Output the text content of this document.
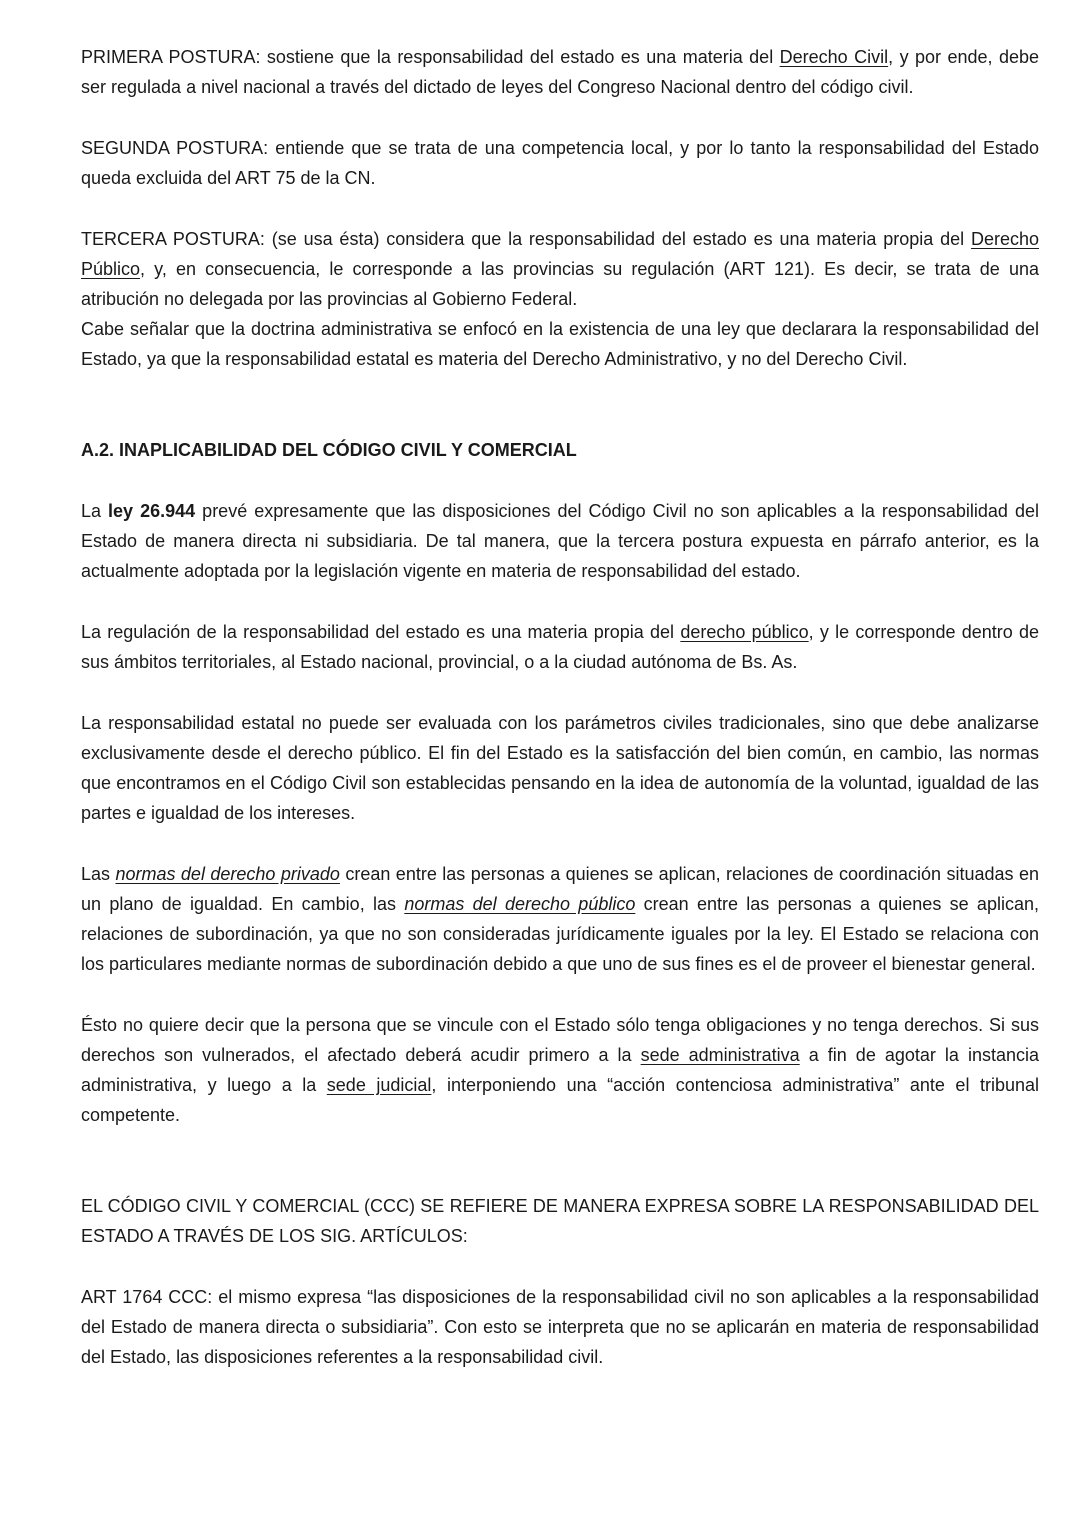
PRIMERA POSTURA: sostiene que la responsabilidad del estado es una materia del Derecho Civil, y por ende, debe ser regulada a nivel nacional a través del dictado de leyes del Congreso Nacional dentro del código civil.

SEGUNDA POSTURA: entiende que se trata de una competencia local, y por lo tanto la responsabilidad del Estado queda excluida del ART 75 de la CN.

TERCERA POSTURA: (se usa ésta) considera que la responsabilidad del estado es una materia propia del Derecho Público, y, en consecuencia, le corresponde a las provincias su regulación (ART 121). Es decir, se trata de una atribución no delegada por las provincias al Gobierno Federal.

Cabe señalar que la doctrina administrativa se enfocó en la existencia de una ley que declarara la responsabilidad del Estado, ya que la responsabilidad estatal es materia del Derecho Administrativo, y no del Derecho Civil.

A.2. INAPLICABILIDAD DEL CÓDIGO CIVIL Y COMERCIAL

La ley 26.944 prevé expresamente que las disposiciones del Código Civil no son aplicables a la responsabilidad del Estado de manera directa ni subsidiaria. De tal manera, que la tercera postura expuesta en párrafo anterior, es la actualmente adoptada por la legislación vigente en materia de responsabilidad del estado.

La regulación de la responsabilidad del estado es una materia propia del derecho público, y le corresponde dentro de sus ámbitos territoriales, al Estado nacional, provincial, o a la ciudad autónoma de Bs. As.

La responsabilidad estatal no puede ser evaluada con los parámetros civiles tradicionales, sino que debe analizarse exclusivamente desde el derecho público. El fin del Estado es la satisfacción del bien común, en cambio, las normas que encontramos en el Código Civil son establecidas pensando en la idea de autonomía de la voluntad, igualdad de las partes e igualdad de los intereses.

Las normas del derecho privado crean entre las personas a quienes se aplican, relaciones de coordinación situadas en un plano de igualdad. En cambio, las normas del derecho público crean entre las personas a quienes se aplican, relaciones de subordinación, ya que no son consideradas jurídicamente iguales por la ley. El Estado se relaciona con los particulares mediante normas de subordinación debido a que uno de sus fines es el de proveer el bienestar general.

Ésto no quiere decir que la persona que se vincule con el Estado sólo tenga obligaciones y no tenga derechos. Si sus derechos son vulnerados, el afectado deberá acudir primero a la sede administrativa a fin de agotar la instancia administrativa, y luego a la sede judicial, interponiendo una “acción contenciosa administrativa” ante el tribunal competente.

EL CÓDIGO CIVIL Y COMERCIAL (CCC) SE REFIERE DE MANERA EXPRESA SOBRE LA RESPONSABILIDAD DEL ESTADO A TRAVÉS DE LOS SIG. ARTÍCULOS:

ART 1764 CCC: el mismo expresa “las disposiciones de la responsabilidad civil no son aplicables a la responsabilidad del Estado de manera directa o subsidiaria”. Con esto se interpreta que no se aplicarán en materia de responsabilidad del Estado, las disposiciones referentes a la responsabilidad civil.
